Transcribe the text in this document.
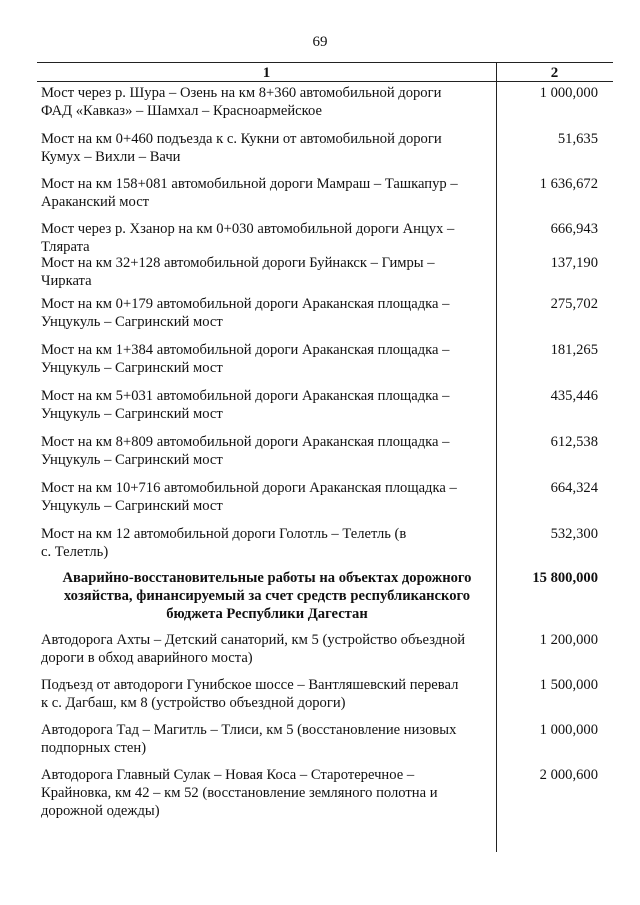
69
1	2
Мост через р. Шура – Озень на км 8+360 автомобильной дороги
ФАД «Кавказ» – Шамхал – Красноармейское
1 000,000
Мост на км 0+460 подъезда к с. Кукни от автомобильной дороги
Кумух – Вихли – Вачи
51,635
Мост на км 158+081 автомобильной дороги Мамраш – Ташкапур –
Араканский мост
1 636,672
Мост через р. Хзанор на км 0+030 автомобильной дороги Анцух –
Тлярата
666,943
Мост на км 32+128 автомобильной дороги Буйнакск – Гимры –
Чирката
137,190
Мост на км 0+179 автомобильной дороги Араканская площадка –
Унцукуль – Сагринский мост
275,702
Мост на км 1+384 автомобильной дороги Араканская площадка –
Унцукуль – Сагринский мост
181,265
Мост на км 5+031 автомобильной дороги Араканская площадка –
Унцукуль – Сагринский мост
435,446
Мост на км 8+809 автомобильной дороги Араканская площадка –
Унцукуль – Сагринский мост
612,538
Мост на км 10+716 автомобильной дороги Араканская площадка –
Унцукуль – Сагринский мост
664,324
Мост на км 12 автомобильной дороги Голотль – Телетль (в
с. Телетль)
532,300
Аварийно-восстановительные работы на объектах дорожного
хозяйства, финансируемый за счет средств республиканского
бюджета Республики Дагестан
15 800,000
Автодорога Ахты – Детский санаторий, км 5 (устройство объездной
дороги в обход аварийного моста)
1 200,000
Подъезд от автодороги Гунибское шоссе – Вантляшевский перевал
к с. Дагбаш, км 8 (устройство объездной дороги)
1 500,000
Автодорога Тад – Магитль – Тлиси, км 5 (восстановление низовых
подпорных стен)
1 000,000
Автодорога Главный Сулак – Новая Коса – Старотеречное –
Крайновка, км 42 – км 52 (восстановление земляного полотна и
дорожной одежды)
2 000,600
